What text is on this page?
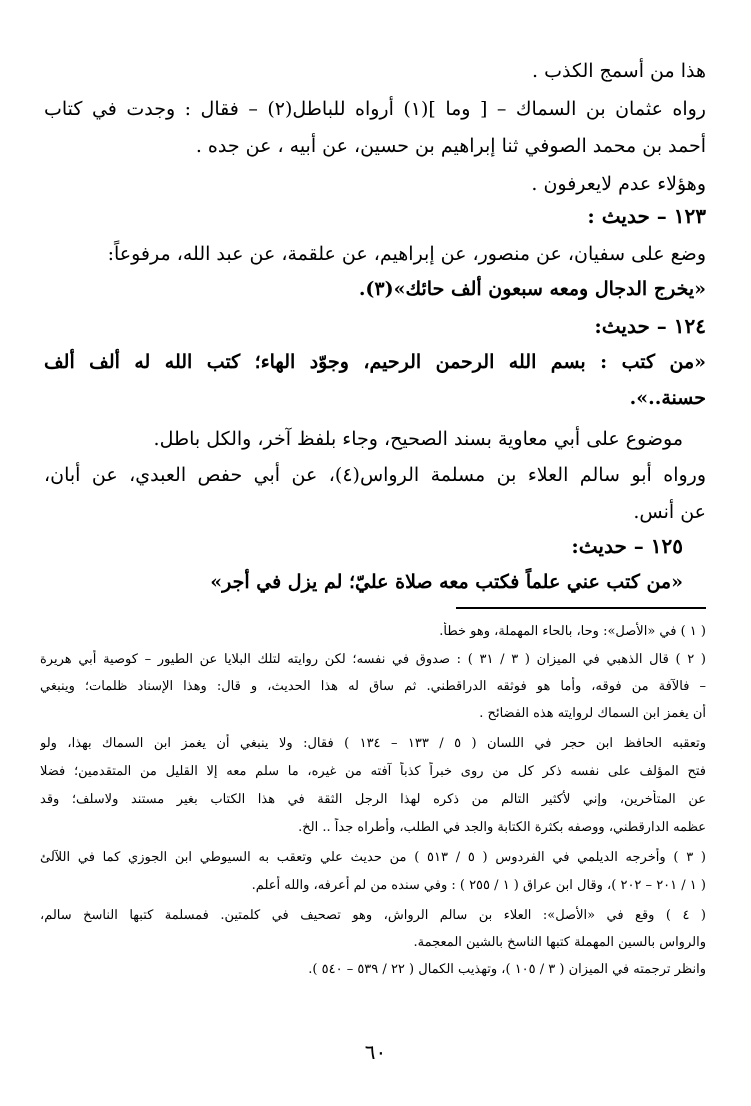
هذا من أسمج الكذب .
رواه عثمان بن السماك – [ وما ](١) أرواه للباطل(٢) – فقال : وجدت في كتاب
أحمد بن محمد الصوفي ثنا إبراهيم بن حسين، عن أبيه ، عن جده .
وهؤلاء عدم لايعرفون .
١٢٣ – حديث :
وضع على سفيان، عن منصور، عن إبراهيم، عن علقمة، عن عبد الله، مرفوعاً:
«يخرج الدجال ومعه سبعون ألف حائك»(٣).
١٢٤ – حديث:
«من كتب : بسم الله الرحمن الرحيم، وجوّد الهاء؛ كتب الله له ألف ألف
حسنة..».
موضوع على أبي معاوية بسند الصحيح، وجاء بلفظ آخر، والكل باطل.
ورواه أبو سالم العلاء بن مسلمة الرواس(٤)، عن أبي حفص العبدي، عن أبان،
عن أنس.
١٢٥ – حديث:
«من كتب عني علماً فكتب معه صلاة عليّ؛ لم يزل في أجر»
( ١ ) في «الأصل»: وحا، بالحاء المهملة، وهو خطأ.
( ٢ ) قال الذهبي في الميزان ( ٣ / ٣١ ) : صدوق في نفسه؛ لكن روايته لتلك البلايا عن الطيور – كوصية أبي هريرة
– فالآفة من فوقه، وأما هو فوثقه الدراقطني. ثم ساق له هذا الحديث، و قال: وهذا الإسناد ظلمات؛ وينبغي
أن يغمز ابن السماك لروايته هذه الفضائح .
وتعقبه الحافظ ابن حجر في اللسان ( ٥ / ١٣٣ – ١٣٤ ) فقال: ولا ينبغي أن يغمز ابن السماك بهذا، ولو
فتح المؤلف على نفسه ذكر كل من روى خبراً كذباً آفته من غيره، ما سلم معه إلا القليل من المتقدمين؛ فضلا
عن المتأخرين، وإني لأكثير التالم من ذكره لهذا الرجل الثقة في هذا الكتاب بغير مستند ولاسلف؛ وقد
عظمه الدارقطني، ووصفه بكثرة الكتابة والجد في الطلب، وأطراه جداً .. الخ.
( ٣ ) وأخرجه الديلمي في الفردوس ( ٥ / ٥١٣ ) من حديث علي وتعقب به السيوطي ابن الجوزي كما في اللآلئ
( ١ / ٢٠١ – ٢٠٢ )، وقال ابن عراق ( ١ / ٢٥٥ ) : وفي سنده من لم أعرفه، والله أعلم.
( ٤ ) وقع في «الأصل»: العلاء بن سالم الرواش، وهو تصحيف في كلمتين. فمسلمة كتبها الناسخ سالم،
والرواس بالسين المهملة كتبها الناسخ بالشين المعجمة.
وانظر ترجمته في الميزان ( ٣ / ١٠٥ )، وتهذيب الكمال ( ٢٢ / ٥٣٩ – ٥٤٠ ).
٦٠
